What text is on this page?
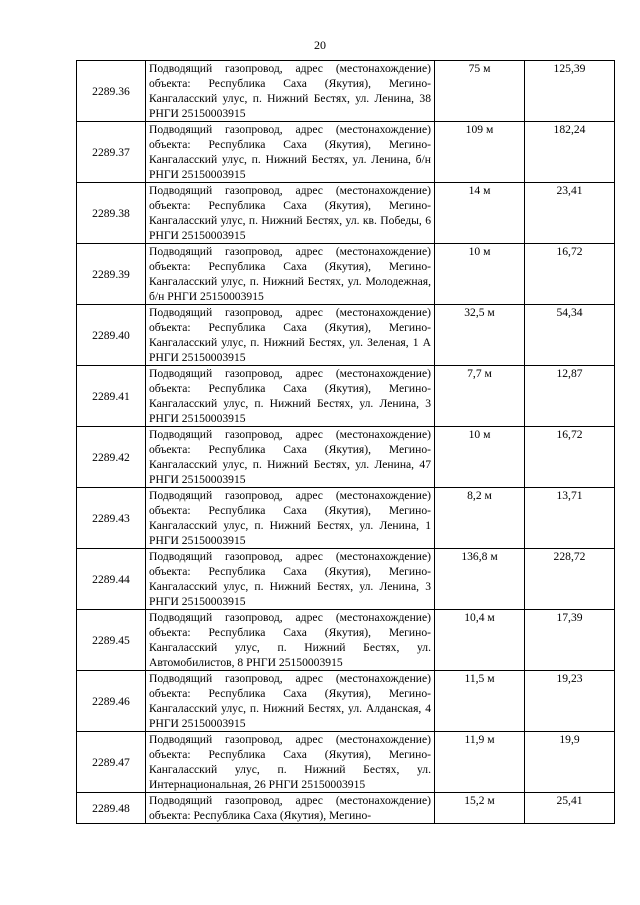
20
2289.36	Подводящий газопровод, адрес (местонахождение) объекта: Республика Саха (Якутия), Мегино-Кангаласский улус, п. Нижний Бестях, ул. Ленина, 38 РНГИ 25150003915	75 м	125,39
2289.37	Подводящий газопровод, адрес (местонахождение) объекта: Республика Саха (Якутия), Мегино-Кангаласский улус, п. Нижний Бестях, ул. Ленина, б/н РНГИ 25150003915	109 м	182,24
2289.38	Подводящий газопровод, адрес (местонахождение) объекта: Республика Саха (Якутия), Мегино-Кангаласский улус, п. Нижний Бестях, ул. кв. Победы, 6 РНГИ 25150003915	14 м	23,41
2289.39	Подводящий газопровод, адрес (местонахождение) объекта: Республика Саха (Якутия), Мегино-Кангаласский улус, п. Нижний Бестях, ул. Молодежная, б/н РНГИ 25150003915	10 м	16,72
2289.40	Подводящий газопровод, адрес (местонахождение) объекта: Республика Саха (Якутия), Мегино-Кангаласский улус, п. Нижний Бестях, ул. Зеленая, 1 А РНГИ 25150003915	32,5 м	54,34
2289.41	Подводящий газопровод, адрес (местонахождение) объекта: Республика Саха (Якутия), Мегино-Кангаласский улус, п. Нижний Бестях, ул. Ленина, 3 РНГИ 25150003915	7,7 м	12,87
2289.42	Подводящий газопровод, адрес (местонахождение) объекта: Республика Саха (Якутия), Мегино-Кангаласский улус, п. Нижний Бестях, ул. Ленина, 47 РНГИ 25150003915	10 м	16,72
2289.43	Подводящий газопровод, адрес (местонахождение) объекта: Республика Саха (Якутия), Мегино-Кангаласский улус, п. Нижний Бестях, ул. Ленина, 1 РНГИ 25150003915	8,2 м	13,71
2289.44	Подводящий газопровод, адрес (местонахождение) объекта: Республика Саха (Якутия), Мегино-Кангаласский улус, п. Нижний Бестях, ул. Ленина, 3 РНГИ 25150003915	136,8 м	228,72
2289.45	Подводящий газопровод, адрес (местонахождение) объекта: Республика Саха (Якутия), Мегино-Кангаласский улус, п. Нижний Бестях, ул. Автомобилистов, 8 РНГИ 25150003915	10,4 м	17,39
2289.46	Подводящий газопровод, адрес (местонахождение) объекта: Республика Саха (Якутия), Мегино-Кангаласский улус, п. Нижний Бестях, ул. Алданская, 4 РНГИ 25150003915	11,5 м	19,23
2289.47	Подводящий газопровод, адрес (местонахождение) объекта: Республика Саха (Якутия), Мегино-Кангаласский улус, п. Нижний Бестях, ул. Интернациональная, 26 РНГИ 25150003915	11,9 м	19,9
2289.48	Подводящий газопровод, адрес (местонахождение) объекта: Республика Саха (Якутия), Мегино-	15,2 м	25,41
